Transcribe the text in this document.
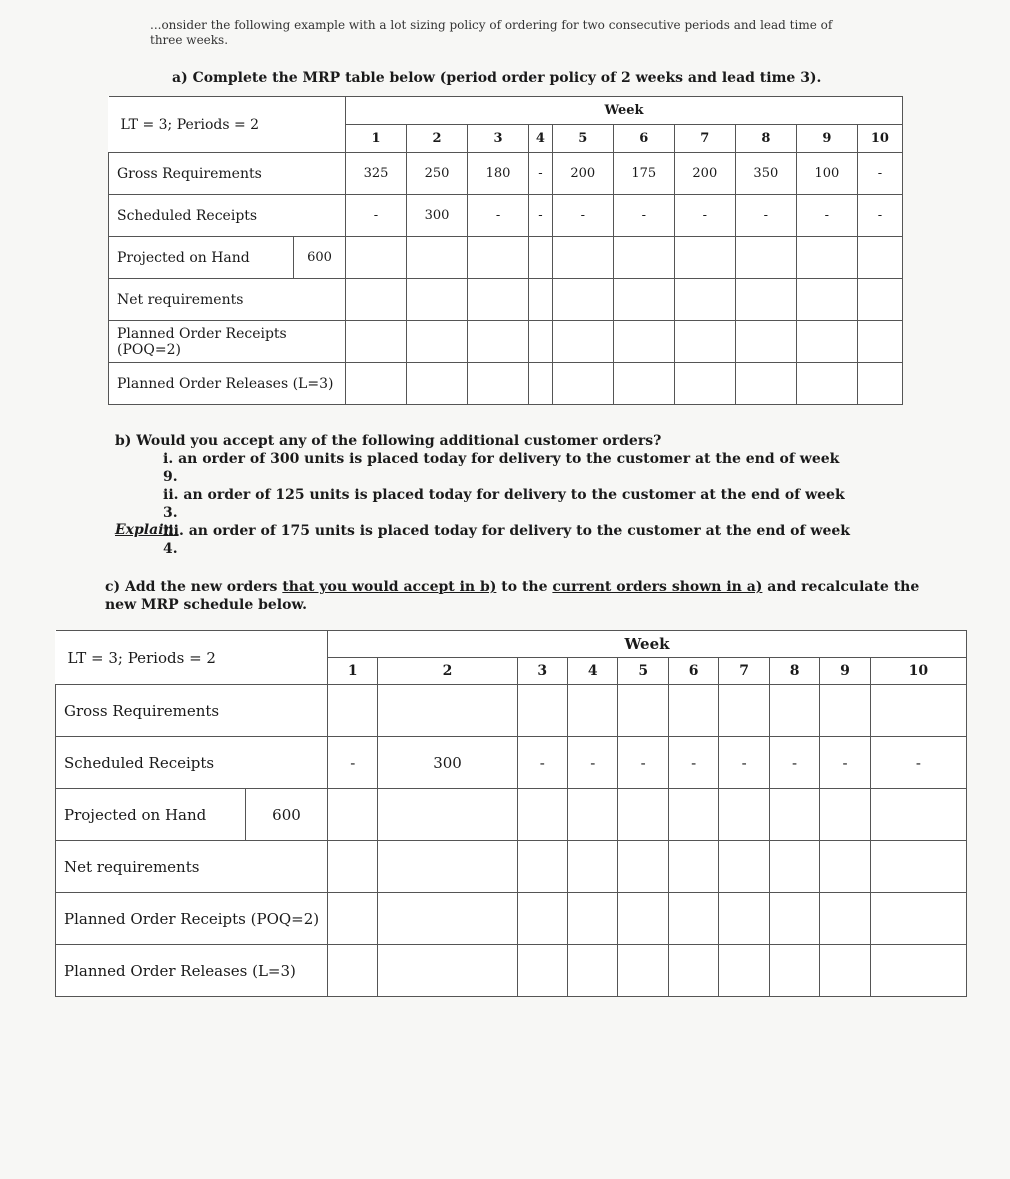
...onsider the following example with a lot sizing policy of ordering for two consecutive periods and lead time of three weeks.
a) Complete the MRP table below (period order policy of 2 weeks and lead time 3).
LT = 3; Periods = 2		Week									
		1	2	3	4	5	6	7	8	9	10
Gross Requirements		325	250	180	-	200	175	200	350	100	-
Scheduled Receipts		-	300	-	-	-	-	-	-	-	-
Projected on Hand	600										
Net requirements											
Planned Order Receipts (POQ=2)											
Planned Order Releases (L=3)											
b) Would you accept any of the following additional customer orders?
i. an order of 300 units is placed today for delivery to the customer at the end of week 9.
ii. an order of 125 units is placed today for delivery to the customer at the end of week 3.
iii. an order of 175 units is placed today for delivery to the customer at the end of week 4.
Explain.
c) Add the new orders that you would accept in b) to the current orders shown in a) and recalculate the new MRP schedule below.
LT = 3; Periods = 2		Week									
		1	2	3	4	5	6	7	8	9	10
Gross Requirements											
Scheduled Receipts		-	300	-	-	-	-	-	-	-	-
Projected on Hand	600										
Net requirements											
Planned Order Receipts (POQ=2)											
Planned Order Releases (L=3)											
